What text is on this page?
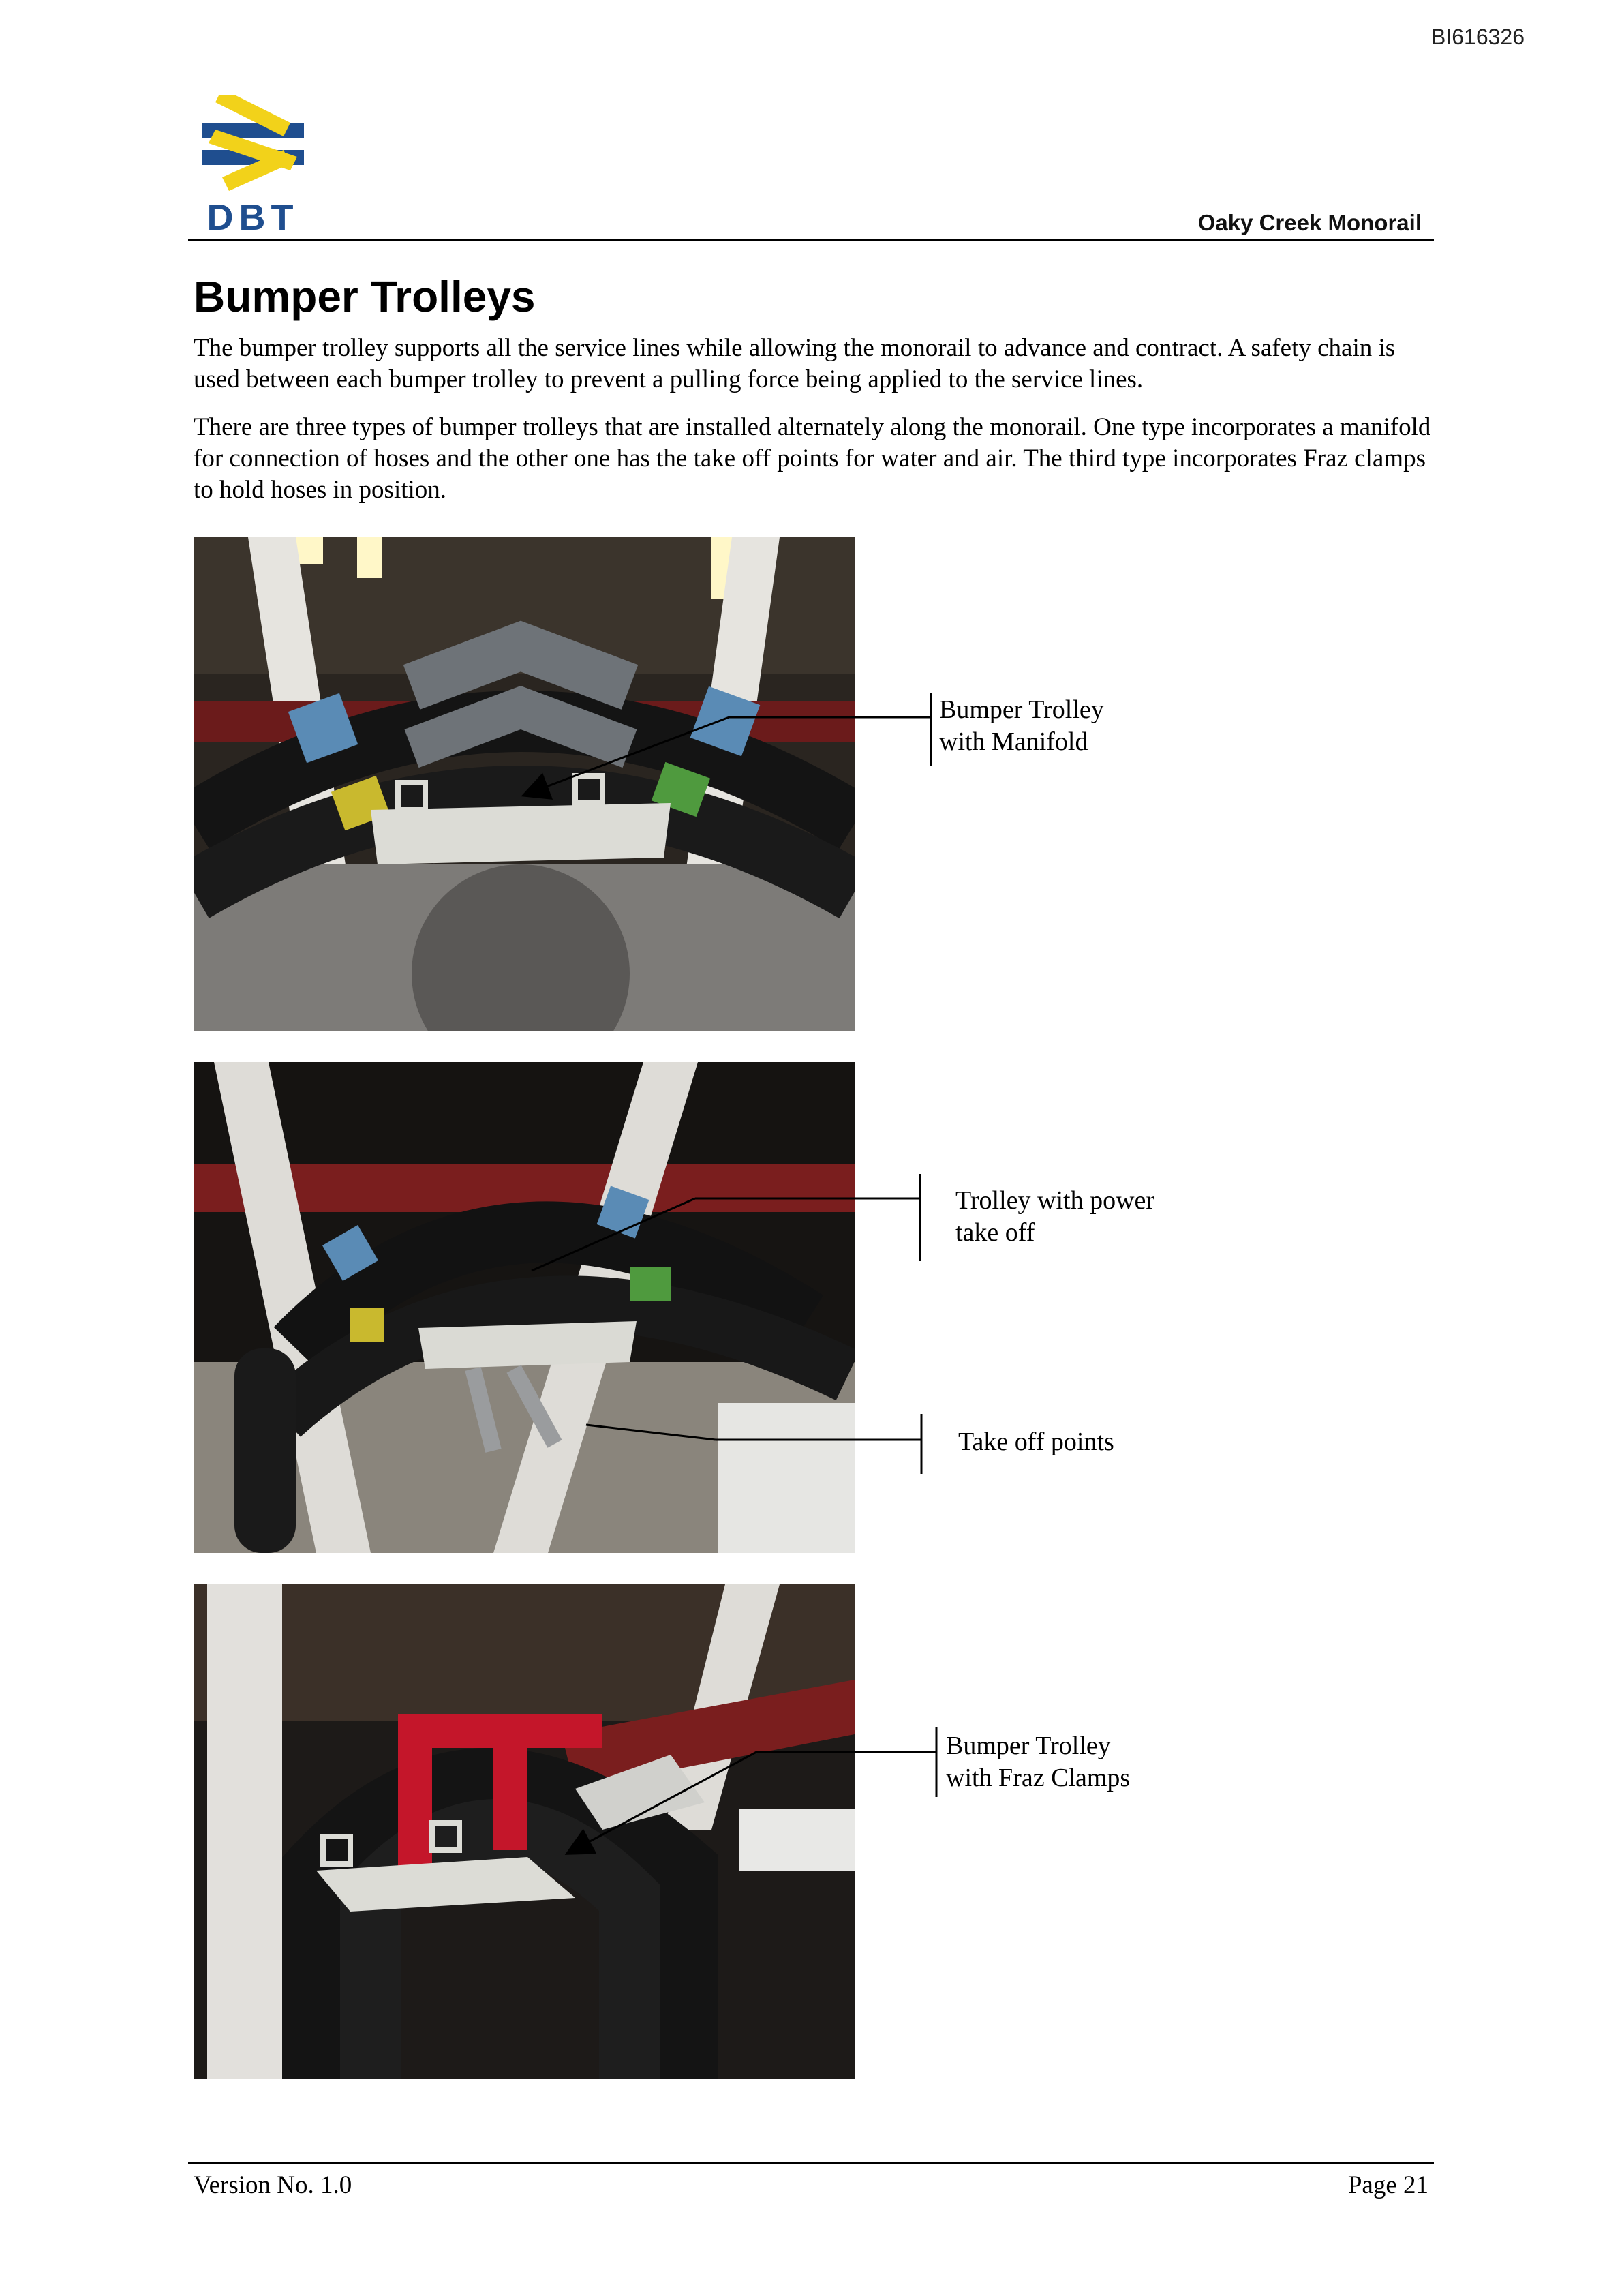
BI616326
DBT	Oaky Creek Monorail
Bumper Trolleys

The bumper trolley supports all the service lines while allowing the monorail to advance and contract. A safety chain is used between each bumper trolley to prevent a pulling force being applied to the service lines.

There are three types of bumper trolleys that are installed alternately along the monorail. One type incorporates a manifold for connection of hoses and the other one has the take off points for water and air. The third type incorporates Fraz clamps to hold hoses in position.

Bumper Trolley
with Manifold
Trolley with power
take off
Take off points
Bumper Trolley
with Fraz Clamps
Version No. 1.0	Page 21
